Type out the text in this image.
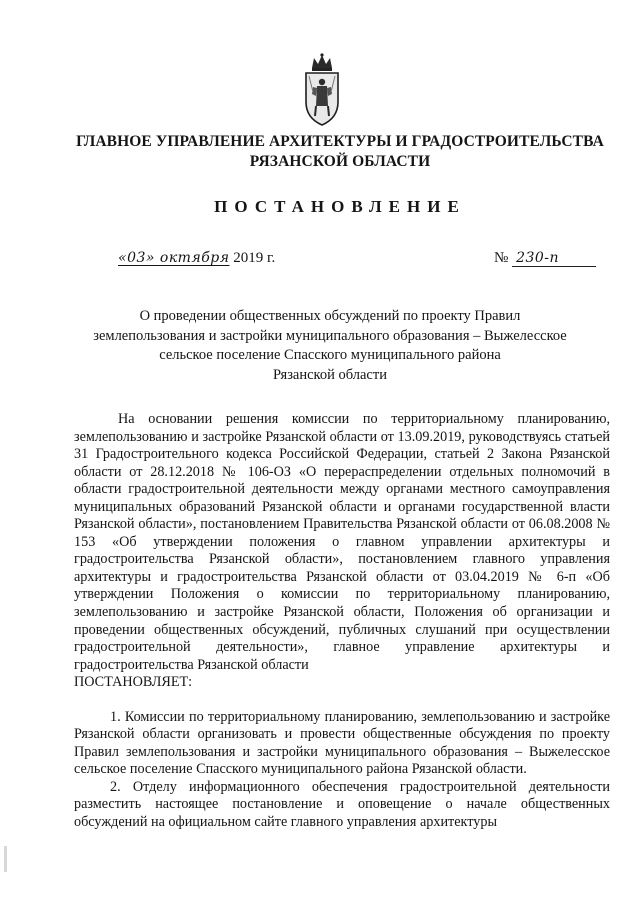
ГЛАВНОЕ УПРАВЛЕНИЕ АРХИТЕКТУРЫ И ГРАДОСТРОИТЕЛЬСТВА
РЯЗАНСКОЙ ОБЛАСТИ
ПОСТАНОВЛЕНИЕ
«03» октября 2019 г.	№ 230-п
О проведении общественных обсуждений по проекту Правил
землепользования и застройки муниципального образования – Выжелесское
сельское поселение Спасского муниципального района
Рязанской области

На основании решения комиссии по территориальному планированию, землепользованию и застройке Рязанской области от 13.09.2019, руководствуясь статьей 31 Градостроительного кодекса Российской Федерации, статьей 2 Закона Рязанской области от 28.12.2018 № 106-ОЗ «О перераспределении отдельных полномочий в области градостроительной деятельности между органами местного самоуправления муниципальных образований Рязанской области и органами государственной власти Рязанской области», постановлением Правительства Рязанской области от 06.08.2008 № 153 «Об утверждении положения о главном управлении архитектуры и градостроительства Рязанской области», постановлением главного управления архитектуры и градостроительства Рязанской области от 03.04.2019 № 6-п «Об утверждении Положения о комиссии по территориальному планированию, землепользованию и застройке Рязанской области, Положения об организации и проведении общественных обсуждений, публичных слушаний при осуществлении градостроительной деятельности», главное управление архитектуры и градостроительства Рязанской области

ПОСТАНОВЛЯЕТ:

1. Комиссии по территориальному планированию, землепользованию и застройке Рязанской области организовать и провести общественные обсуждения по проекту Правил землепользования и застройки муниципального образования – Выжелесское сельское поселение Спасского муниципального района Рязанской области.

2. Отделу информационного обеспечения градостроительной деятельности разместить настоящее постановление и оповещение о начале общественных обсуждений на официальном сайте главного управления архитектуры
